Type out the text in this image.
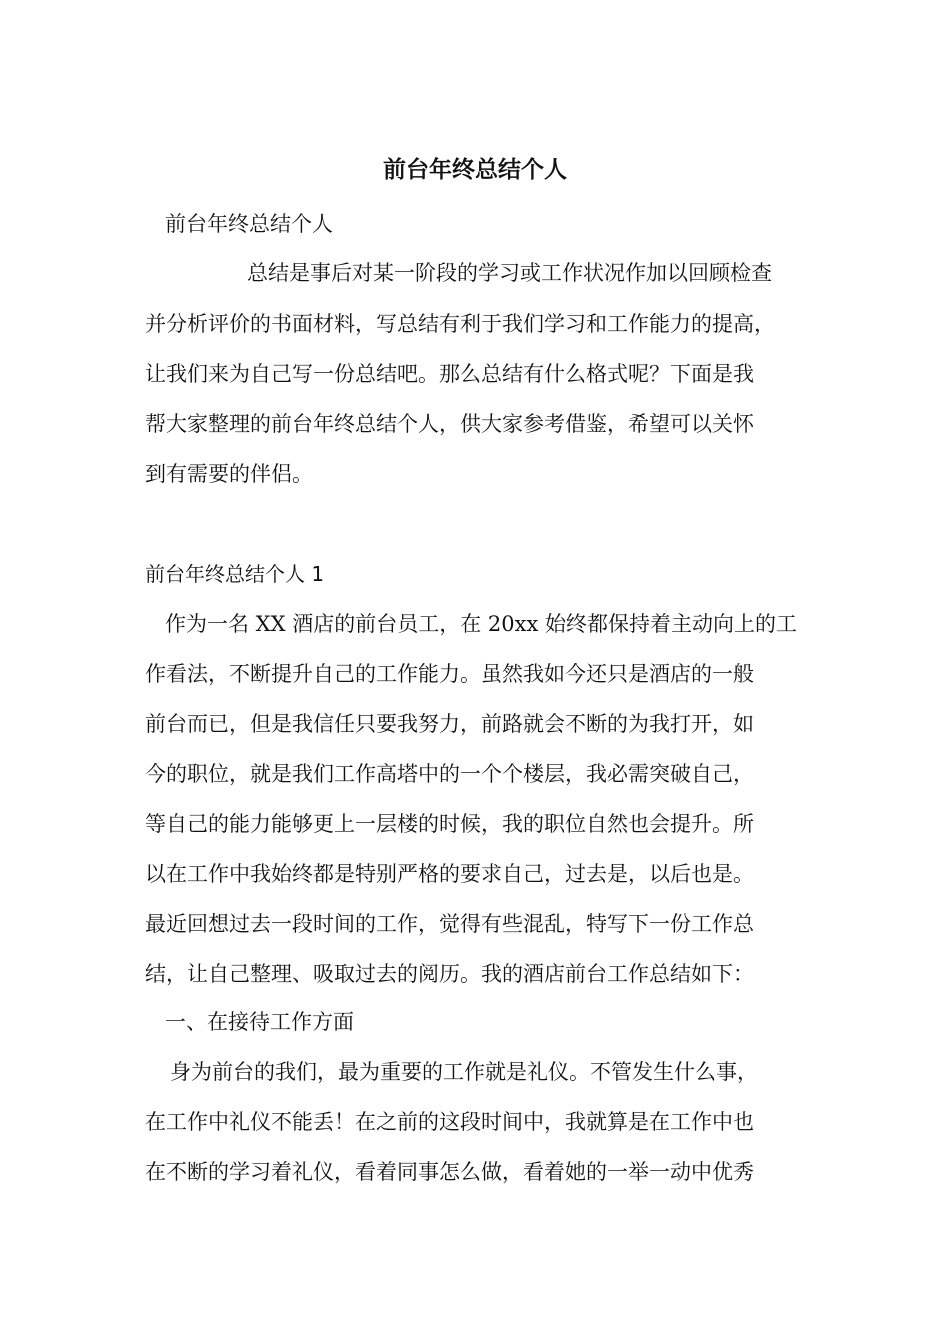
前台年终总结个人
前台年终总结个人
总结是事后对某一阶段的学习或工作状况作加以回顾检查
并分析评价的书面材料，写总结有利于我们学习和工作能力的提高，
让我们来为自己写一份总结吧。那么总结有什么格式呢？下面是我
帮大家整理的前台年终总结个人，供大家参考借鉴，希望可以关怀
到有需要的伴侣。
前台年终总结个人 1
作为一名 XX 酒店的前台员工，在 20xx 始终都保持着主动向上的工
作看法，不断提升自己的工作能力。虽然我如今还只是酒店的一般
前台而已，但是我信任只要我努力，前路就会不断的为我打开，如
今的职位，就是我们工作高塔中的一个个楼层，我必需突破自己，
等自己的能力能够更上一层楼的时候，我的职位自然也会提升。所
以在工作中我始终都是特别严格的要求自己，过去是，以后也是。
最近回想过去一段时间的工作，觉得有些混乱，特写下一份工作总
结，让自己整理、吸取过去的阅历。我的酒店前台工作总结如下：
一、在接待工作方面
身为前台的我们，最为重要的工作就是礼仪。不管发生什么事，
在工作中礼仪不能丢！在之前的这段时间中，我就算是在工作中也
在不断的学习着礼仪，看着同事怎么做，看着她的一举一动中优秀
